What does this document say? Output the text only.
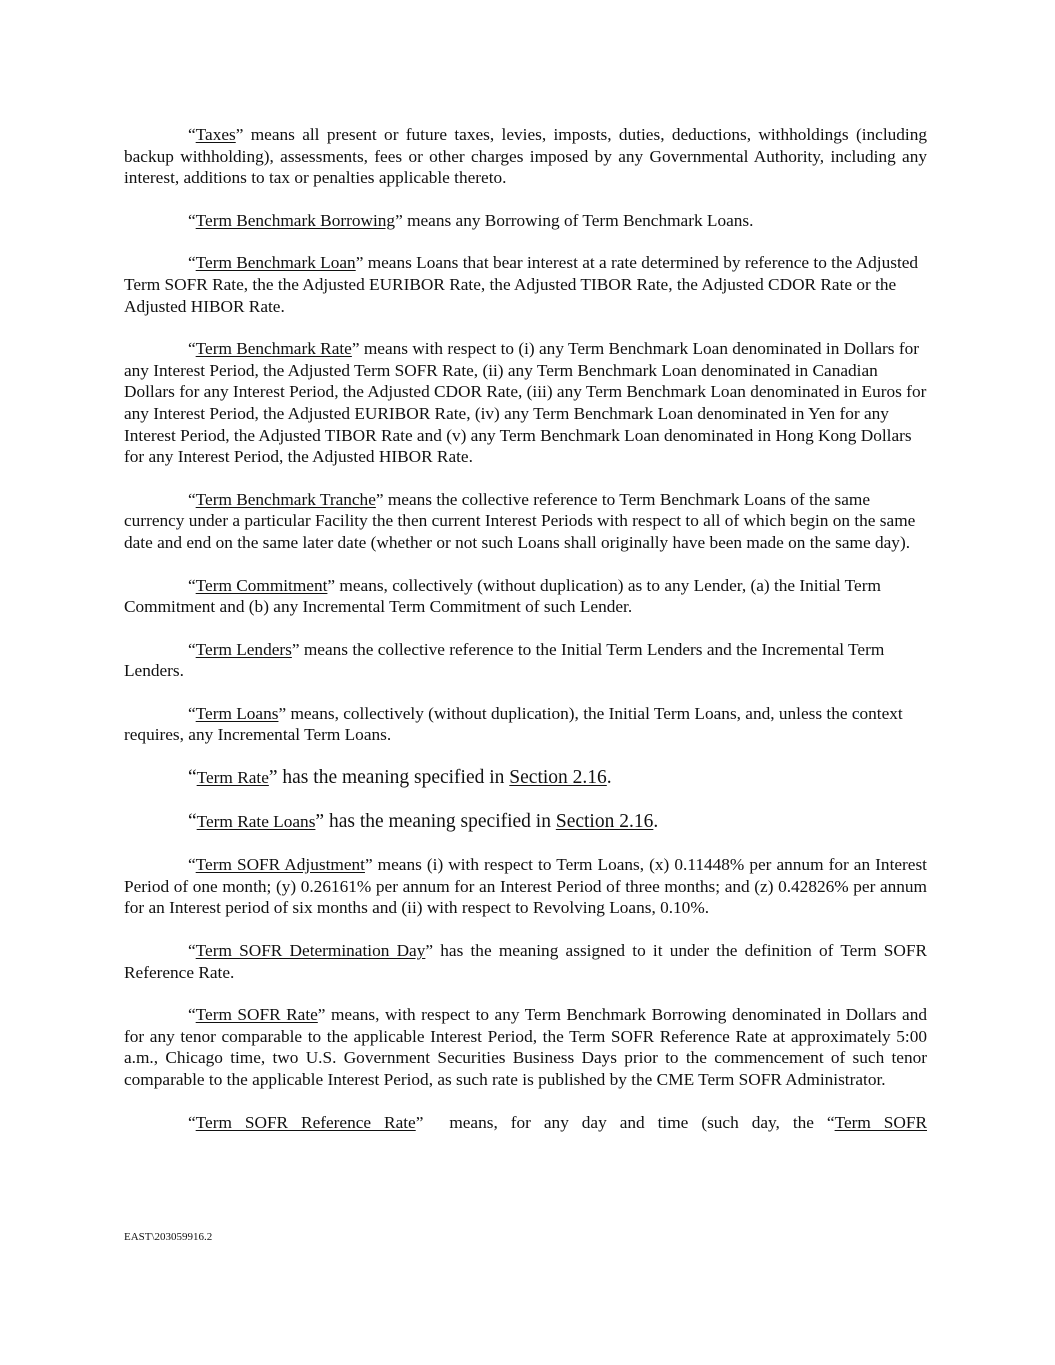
“Taxes” means all present or future taxes, levies, imposts, duties, deductions, withholdings (including backup withholding), assessments, fees or other charges imposed by any Governmental Authority, including any interest, additions to tax or penalties applicable thereto.

“Term Benchmark Borrowing” means any Borrowing of Term Benchmark Loans.

“Term Benchmark Loan” means Loans that bear interest at a rate determined by reference to the Adjusted Term SOFR Rate, the the Adjusted EURIBOR Rate, the Adjusted TIBOR Rate, the Adjusted CDOR Rate or the Adjusted HIBOR Rate.

“Term Benchmark Rate” means with respect to (i) any Term Benchmark Loan denominated in Dollars for any Interest Period, the Adjusted Term SOFR Rate, (ii) any Term Benchmark Loan denominated in Canadian Dollars for any Interest Period, the Adjusted CDOR Rate, (iii) any Term Benchmark Loan denominated in Euros for any Interest Period, the Adjusted EURIBOR Rate, (iv) any Term Benchmark Loan denominated in Yen for any Interest Period, the Adjusted TIBOR Rate and (v) any Term Benchmark Loan denominated in Hong Kong Dollars for any Interest Period, the Adjusted HIBOR Rate.

“Term Benchmark Tranche” means the collective reference to Term Benchmark Loans of the same currency under a particular Facility the then current Interest Periods with respect to all of which begin on the same date and end on the same later date (whether or not such Loans shall originally have been made on the same day).

“Term Commitment” means, collectively (without duplication) as to any Lender, (a) the Initial Term Commitment and (b) any Incremental Term Commitment of such Lender.

“Term Lenders” means the collective reference to the Initial Term Lenders and the Incremental Term Lenders.

“Term Loans” means, collectively (without duplication), the Initial Term Loans, and, unless the context requires, any Incremental Term Loans.

“Term Rate” has the meaning specified in Section 2.16.

“Term Rate Loans” has the meaning specified in Section 2.16.

“Term SOFR Adjustment” means (i) with respect to Term Loans, (x) 0.11448% per annum for an Interest Period of one month; (y) 0.26161% per annum for an Interest Period of three months; and (z) 0.42826% per annum for an Interest period of six months and (ii) with respect to Revolving Loans, 0.10%.

“Term SOFR Determination Day” has the meaning assigned to it under the definition of Term SOFR Reference Rate.

“Term SOFR Rate” means, with respect to any Term Benchmark Borrowing denominated in Dollars and for any tenor comparable to the applicable Interest Period, the Term SOFR Reference Rate at approximately 5:00 a.m., Chicago time, two U.S. Government Securities Business Days prior to the commencement of such tenor comparable to the applicable Interest Period, as such rate is published by the CME Term SOFR Administrator.

“Term SOFR Reference Rate”  means, for any day and time (such day, the “Term SOFR

EAST\203059916.2
